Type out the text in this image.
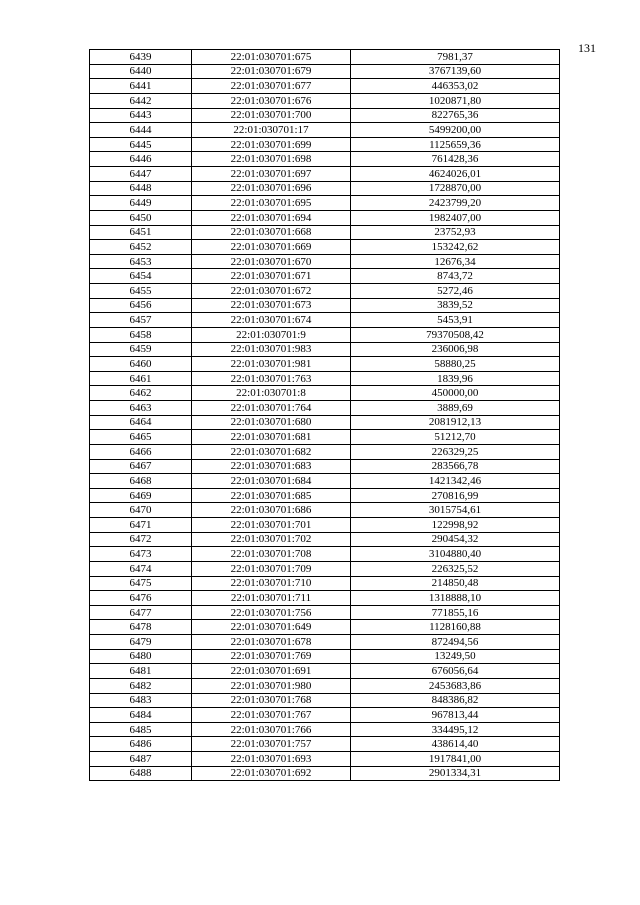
131
6439	22:01:030701:675	7981,37
6440	22:01:030701:679	3767139,60
6441	22:01:030701:677	446353,02
6442	22:01:030701:676	1020871,80
6443	22:01:030701:700	822765,36
6444	22:01:030701:17	5499200,00
6445	22:01:030701:699	1125659,36
6446	22:01:030701:698	761428,36
6447	22:01:030701:697	4624026,01
6448	22:01:030701:696	1728870,00
6449	22:01:030701:695	2423799,20
6450	22:01:030701:694	1982407,00
6451	22:01:030701:668	23752,93
6452	22:01:030701:669	153242,62
6453	22:01:030701:670	12676,34
6454	22:01:030701:671	8743,72
6455	22:01:030701:672	5272,46
6456	22:01:030701:673	3839,52
6457	22:01:030701:674	5453,91
6458	22:01:030701:9	79370508,42
6459	22:01:030701:983	236006,98
6460	22:01:030701:981	58880,25
6461	22:01:030701:763	1839,96
6462	22:01:030701:8	450000,00
6463	22:01:030701:764	3889,69
6464	22:01:030701:680	2081912,13
6465	22:01:030701:681	51212,70
6466	22:01:030701:682	226329,25
6467	22:01:030701:683	283566,78
6468	22:01:030701:684	1421342,46
6469	22:01:030701:685	270816,99
6470	22:01:030701:686	3015754,61
6471	22:01:030701:701	122998,92
6472	22:01:030701:702	290454,32
6473	22:01:030701:708	3104880,40
6474	22:01:030701:709	226325,52
6475	22:01:030701:710	214850,48
6476	22:01:030701:711	1318888,10
6477	22:01:030701:756	771855,16
6478	22:01:030701:649	1128160,88
6479	22:01:030701:678	872494,56
6480	22:01:030701:769	13249,50
6481	22:01:030701:691	676056,64
6482	22:01:030701:980	2453683,86
6483	22:01:030701:768	848386,82
6484	22:01:030701:767	967813,44
6485	22:01:030701:766	334495,12
6486	22:01:030701:757	438614,40
6487	22:01:030701:693	1917841,00
6488	22:01:030701:692	2901334,31
